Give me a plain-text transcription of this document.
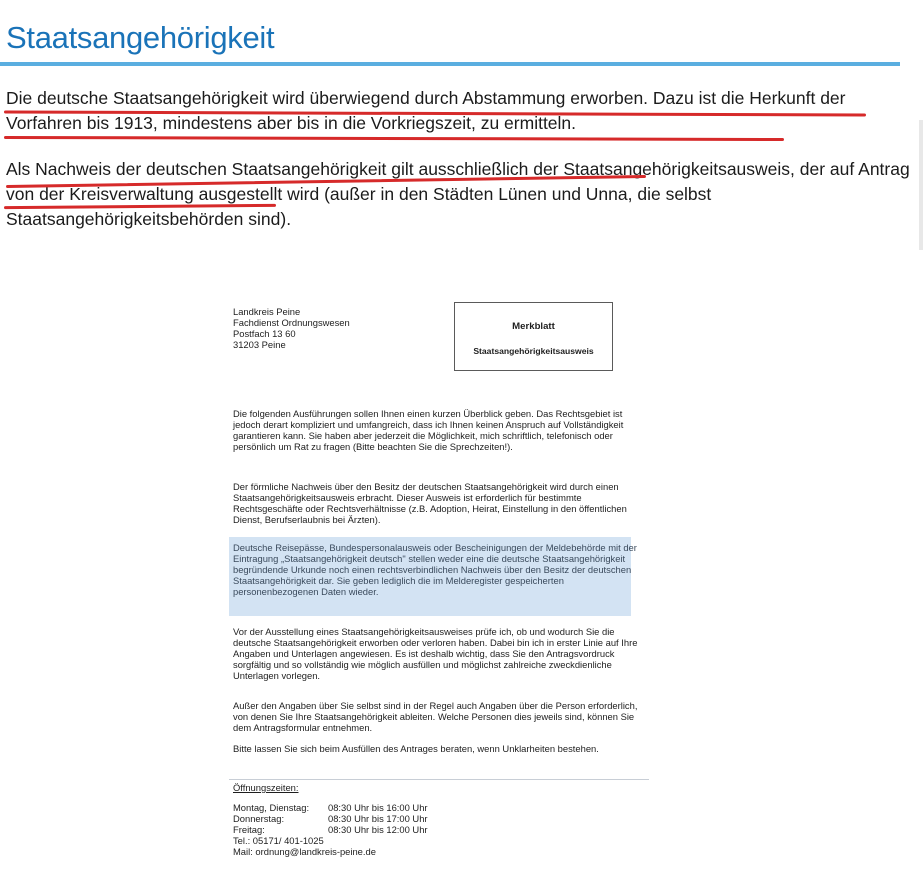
Staatsangehörigkeit

Die deutsche Staatsangehörigkeit wird überwiegend durch Abstammung erworben. Dazu ist die Herkunft der Vorfahren bis 1913, mindestens aber bis in die Vorkriegszeit, zu ermitteln.

Als Nachweis der deutschen Staatsangehörigkeit gilt ausschließlich der Staatsangehörigkeitsausweis, der auf Antrag von der Kreisverwaltung ausgestellt wird (außer in den Städten Lünen und Unna, die selbst Staatsangehörigkeitsbehörden sind).

Landkreis Peine
Fachdienst Ordnungswesen
Postfach 13 60
31203 Peine
Merkblatt
Staatsangehörigkeitsausweis

Die folgenden Ausführungen sollen Ihnen einen kurzen Überblick geben. Das Rechtsgebiet ist jedoch derart kompliziert und umfangreich, dass ich Ihnen keinen Anspruch auf Vollständigkeit garantieren kann. Sie haben aber jederzeit die Möglichkeit, mich schriftlich, telefonisch oder persönlich um Rat zu fragen (Bitte beachten Sie die Sprechzeiten!).

Der förmliche Nachweis über den Besitz der deutschen Staatsangehörigkeit wird durch einen Staatsangehörigkeitsausweis erbracht. Dieser Ausweis ist erforderlich für bestimmte Rechtsgeschäfte oder Rechtsverhältnisse (z.B. Adoption, Heirat, Einstellung in den öffentlichen Dienst, Berufserlaubnis bei Ärzten).

Deutsche Reisepässe, Bundespersonalausweis oder Bescheinigungen der Meldebehörde mit der Eintragung „Staatsangehörigkeit deutsch" stellen weder eine die deutsche Staatsangehörigkeit begründende Urkunde noch einen rechtsverbindlichen Nachweis über den Besitz der deutschen Staatsangehörigkeit dar. Sie geben lediglich die im Melderegister gespeicherten personenbezogenen Daten wieder.

Vor der Ausstellung eines Staatsangehörigkeitsausweises prüfe ich, ob und wodurch Sie die deutsche Staatsangehörigkeit erworben oder verloren haben. Dabei bin ich in erster Linie auf Ihre Angaben und Unterlagen angewiesen. Es ist deshalb wichtig, dass Sie den Antragsvordruck sorgfältig und so vollständig wie möglich ausfüllen und möglichst zahlreiche zweckdienliche Unterlagen vorlegen.

Außer den Angaben über Sie selbst sind in der Regel auch Angaben über die Person erforderlich, von denen Sie Ihre Staatsangehörigkeit ableiten. Welche Personen dies jeweils sind, können Sie dem Antragsformular entnehmen.

Bitte lassen Sie sich beim Ausfüllen des Antrages beraten, wenn Unklarheiten bestehen.

Öffnungszeiten:
Montag, Dienstag:	08:30 Uhr bis 16:00 Uhr
Donnerstag:	08:30 Uhr bis 17:00 Uhr
Freitag:	08:30 Uhr bis 12:00 Uhr
Tel.: 05171/ 401-1025
Mail: ordnung@landkreis-peine.de
